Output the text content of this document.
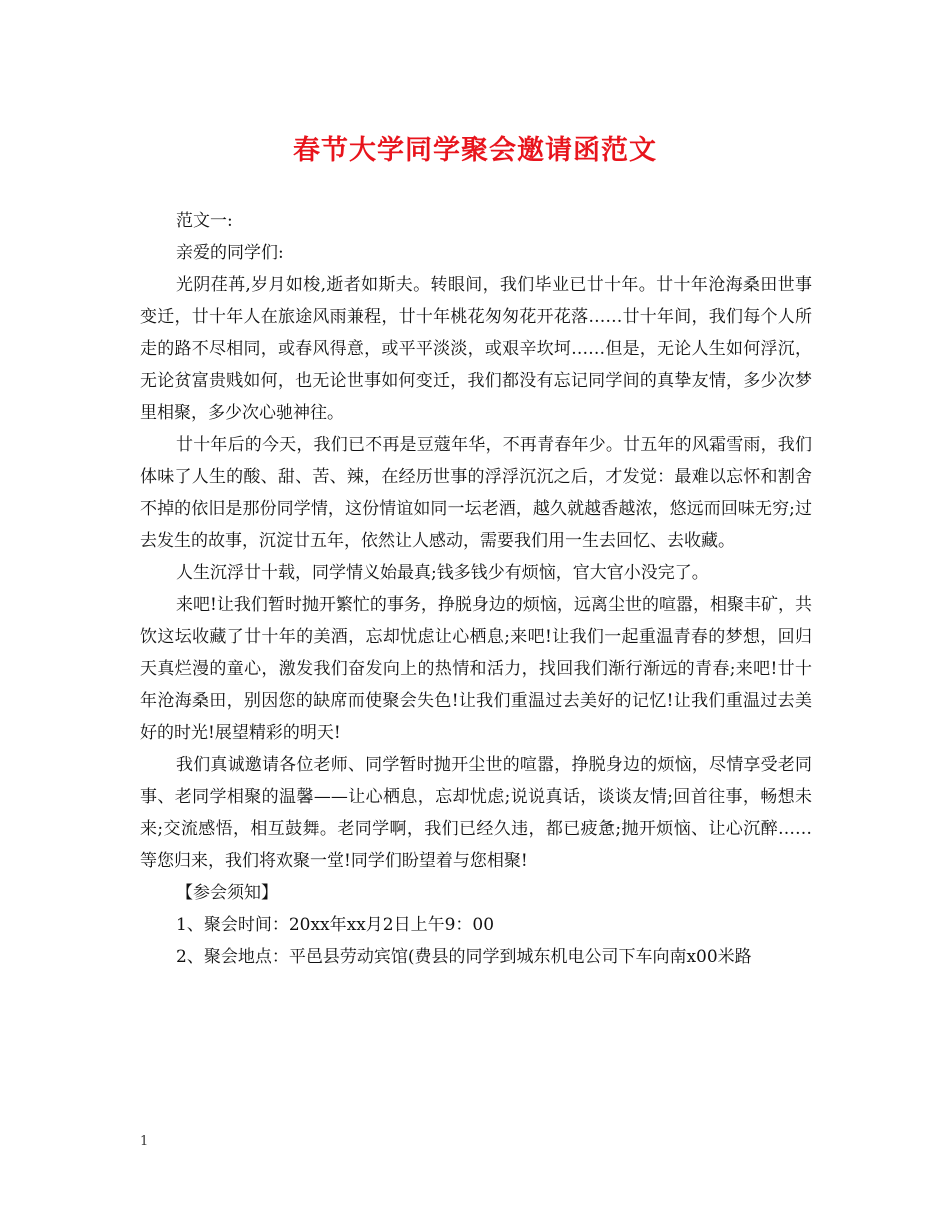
春节大学同学聚会邀请函范文

范文一:

亲爱的同学们:

光阴荏苒,岁月如梭,逝者如斯夫。转眼间，我们毕业已廿十年。廿十年沧海桑田世事变迁，廿十年人在旅途风雨兼程，廿十年桃花匆匆花开花落……廿十年间，我们每个人所走的路不尽相同，或春风得意，或平平淡淡，或艰辛坎坷……但是，无论人生如何浮沉，无论贫富贵贱如何，也无论世事如何变迁，我们都没有忘记同学间的真挚友情，多少次梦里相聚，多少次心驰神往。

廿十年后的今天，我们已不再是豆蔻年华，不再青春年少。廿五年的风霜雪雨，我们体味了人生的酸、甜、苦、辣，在经历世事的浮浮沉沉之后，才发觉：最难以忘怀和割舍不掉的依旧是那份同学情，这份情谊如同一坛老酒，越久就越香越浓，悠远而回味无穷;过去发生的故事，沉淀廿五年，依然让人感动，需要我们用一生去回忆、去收藏。

人生沉浮廿十载，同学情义始最真;钱多钱少有烦恼，官大官小没完了。

来吧!让我们暂时抛开繁忙的事务，挣脱身边的烦恼，远离尘世的喧嚣，相聚丰矿，共饮这坛收藏了廿十年的美酒，忘却忧虑让心栖息;来吧!让我们一起重温青春的梦想，回归天真烂漫的童心，激发我们奋发向上的热情和活力，找回我们渐行渐远的青春;来吧!廿十年沧海桑田，别因您的缺席而使聚会失色!让我们重温过去美好的记忆!让我们重温过去美好的时光!展望精彩的明天!

我们真诚邀请各位老师、同学暂时抛开尘世的喧嚣，挣脱身边的烦恼，尽情享受老同事、老同学相聚的温馨——让心栖息，忘却忧虑;说说真话，谈谈友情;回首往事，畅想未来;交流感悟，相互鼓舞。老同学啊，我们已经久违，都已疲惫;抛开烦恼、让心沉醉……等您归来，我们将欢聚一堂!同学们盼望着与您相聚!

【参会须知】

1、聚会时间：20xx年xx月2日上午9：00

2、聚会地点：平邑县劳动宾馆(费县的同学到城东机电公司下车向南x00米路

1
